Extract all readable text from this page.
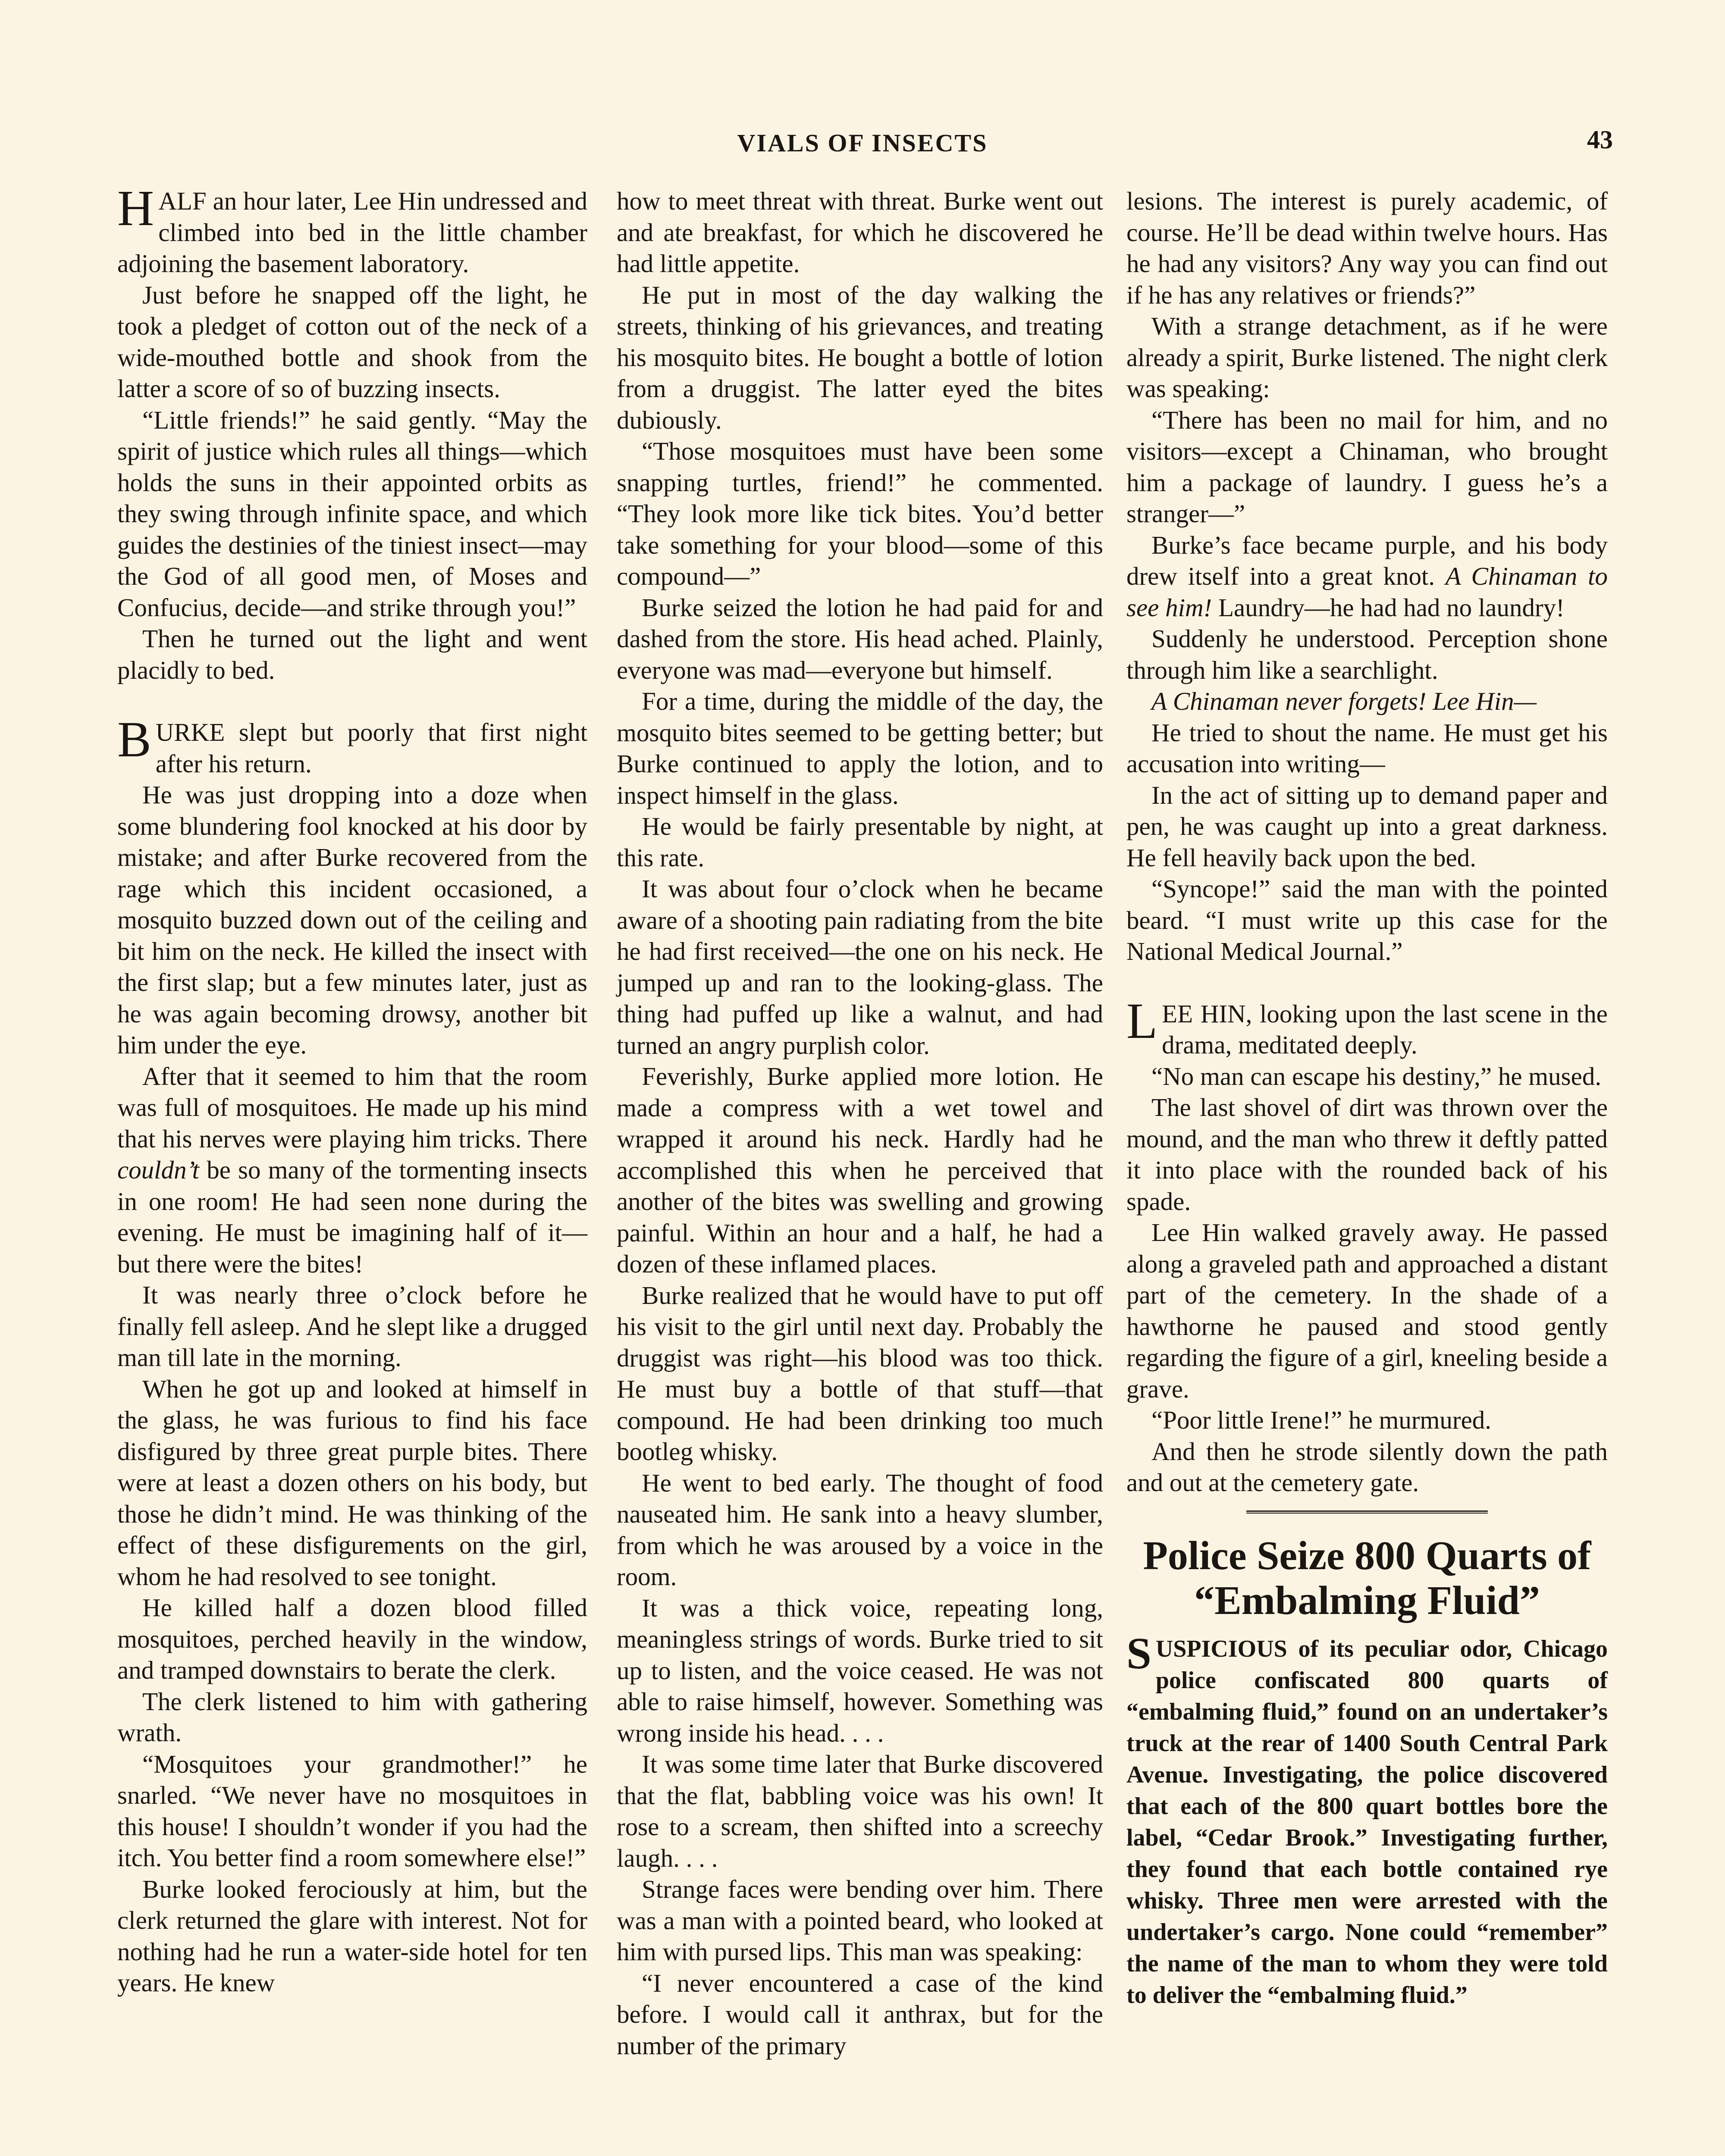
VIALS OF INSECTS	43

HALF an hour later, Lee Hin undressed and climbed into bed in the little chamber adjoining the basement laboratory.

Just before he snapped off the light, he took a pledget of cotton out of the neck of a wide-mouthed bottle and shook from the latter a score of so of buzzing insects.

“Little friends!” he said gently. “May the spirit of justice which rules all things—which holds the suns in their appointed orbits as they swing through infinite space, and which guides the destinies of the tiniest insect—may the God of all good men, of Moses and Confucius, decide—and strike through you!”

Then he turned out the light and went placidly to bed.

BURKE slept but poorly that first night after his return.

He was just dropping into a doze when some blundering fool knocked at his door by mistake; and after Burke recovered from the rage which this incident occasioned, a mosquito buzzed down out of the ceiling and bit him on the neck. He killed the insect with the first slap; but a few minutes later, just as he was again becoming drowsy, another bit him under the eye.

After that it seemed to him that the room was full of mosquitoes. He made up his mind that his nerves were playing him tricks. There couldn’t be so many of the tormenting insects in one room! He had seen none during the evening. He must be imagining half of it—but there were the bites!

It was nearly three o’clock before he finally fell asleep. And he slept like a drugged man till late in the morning.

When he got up and looked at himself in the glass, he was furious to find his face disfigured by three great purple bites. There were at least a dozen others on his body, but those he didn’t mind. He was thinking of the effect of these disfigurements on the girl, whom he had resolved to see tonight.

He killed half a dozen blood filled mosquitoes, perched heavily in the window, and tramped downstairs to berate the clerk.

The clerk listened to him with gathering wrath.

“Mosquitoes your grandmother!” he snarled. “We never have no mosquitoes in this house! I shouldn’t wonder if you had the itch. You better find a room somewhere else!”

Burke looked ferociously at him, but the clerk returned the glare with interest. Not for nothing had he run a water-side hotel for ten years. He knew

how to meet threat with threat. Burke went out and ate breakfast, for which he discovered he had little appetite.

He put in most of the day walking the streets, thinking of his grievances, and treating his mosquito bites. He bought a bottle of lotion from a druggist. The latter eyed the bites dubiously.

“Those mosquitoes must have been some snapping turtles, friend!” he commented. “They look more like tick bites. You’d better take something for your blood—some of this compound—”

Burke seized the lotion he had paid for and dashed from the store. His head ached. Plainly, everyone was mad—everyone but himself.

For a time, during the middle of the day, the mosquito bites seemed to be getting better; but Burke continued to apply the lotion, and to inspect himself in the glass.

He would be fairly presentable by night, at this rate.

It was about four o’clock when he became aware of a shooting pain radiating from the bite he had first received—the one on his neck. He jumped up and ran to the looking-glass. The thing had puffed up like a walnut, and had turned an angry purplish color.

Feverishly, Burke applied more lotion. He made a compress with a wet towel and wrapped it around his neck. Hardly had he accomplished this when he perceived that another of the bites was swelling and growing painful. Within an hour and a half, he had a dozen of these inflamed places.

Burke realized that he would have to put off his visit to the girl until next day. Probably the druggist was right—his blood was too thick. He must buy a bottle of that stuff—that compound. He had been drinking too much bootleg whisky.

He went to bed early. The thought of food nauseated him. He sank into a heavy slumber, from which he was aroused by a voice in the room.

It was a thick voice, repeating long, meaningless strings of words. Burke tried to sit up to listen, and the voice ceased. He was not able to raise himself, however. Something was wrong inside his head. . . .

It was some time later that Burke discovered that the flat, babbling voice was his own! It rose to a scream, then shifted into a screechy laugh. . . .

Strange faces were bending over him. There was a man with a pointed beard, who looked at him with pursed lips. This man was speaking:

“I never encountered a case of the kind before. I would call it anthrax, but for the number of the primary

lesions. The interest is purely academic, of course. He’ll be dead within twelve hours. Has he had any visitors? Any way you can find out if he has any relatives or friends?”

With a strange detachment, as if he were already a spirit, Burke listened. The night clerk was speaking:

“There has been no mail for him, and no visitors—except a Chinaman, who brought him a package of laundry. I guess he’s a stranger—”

Burke’s face became purple, and his body drew itself into a great knot. A Chinaman to see him! Laundry—he had had no laundry!

Suddenly he understood. Perception shone through him like a searchlight.

A Chinaman never forgets! Lee Hin—

He tried to shout the name. He must get his accusation into writing—

In the act of sitting up to demand paper and pen, he was caught up into a great darkness. He fell heavily back upon the bed.

“Syncope!” said the man with the pointed beard. “I must write up this case for the National Medical Journal.”

LEE HIN, looking upon the last scene in the drama, meditated deeply.

“No man can escape his destiny,” he mused.

The last shovel of dirt was thrown over the mound, and the man who threw it deftly patted it into place with the rounded back of his spade.

Lee Hin walked gravely away. He passed along a graveled path and approached a distant part of the cemetery. In the shade of a hawthorne he paused and stood gently regarding the figure of a girl, kneeling beside a grave.

“Poor little Irene!” he murmured.

And then he strode silently down the path and out at the cemetery gate.

Police Seize 800 Quarts of “Embalming Fluid”

SUSPICIOUS of its peculiar odor, Chicago police confiscated 800 quarts of “embalming fluid,” found on an undertaker’s truck at the rear of 1400 South Central Park Avenue. Investigating, the police discovered that each of the 800 quart bottles bore the label, “Cedar Brook.” Investigating further, they found that each bottle contained rye whisky. Three men were arrested with the undertaker’s cargo. None could “remember” the name of the man to whom they were told to deliver the “embalming fluid.”
